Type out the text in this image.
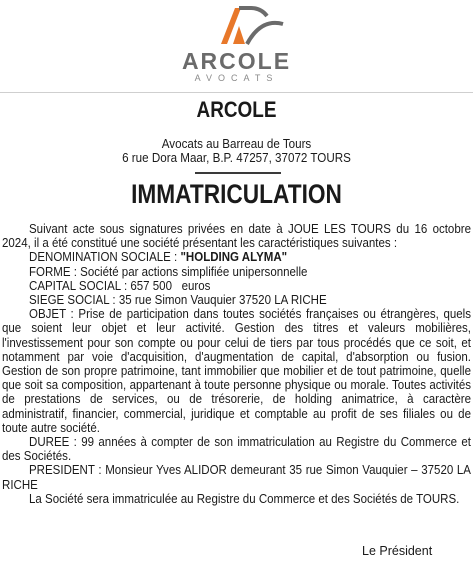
ARCOLE
AVOCATS
ARCOLE
Avocats au Barreau de Tours
6 rue Dora Maar, B.P. 47257, 37072 TOURS
IMMATRICULATION

Suivant acte sous signatures privées en date à JOUE LES TOURS du 16 octobre 2024, il a été constitué une société présentant les caractéristiques suivantes :

DENOMINATION SOCIALE : "HOLDING ALYMA"

FORME : Société par actions simplifiée unipersonnelle

CAPITAL SOCIAL : 657 500   euros

SIEGE SOCIAL : 35 rue Simon Vauquier 37520 LA RICHE

OBJET : Prise de participation dans toutes sociétés françaises ou étrangères, quels que soient leur objet et leur activité. Gestion des titres et valeurs mobilières, l'investissement pour son compte ou pour celui de tiers par tous procédés que ce soit, et notamment par voie d'acquisition, d'augmentation de capital, d'absorption ou fusion. Gestion de son propre patrimoine, tant immobilier que mobilier et de tout patrimoine, quelle que soit sa composition, appartenant à toute personne physique ou morale. Toutes activités de prestations de services, ou de trésorerie, de holding animatrice, à caractère administratif, financier, commercial, juridique et comptable au profit de ses filiales ou de toute autre société.

DUREE : 99 années à compter de son immatriculation au Registre du Commerce et des Sociétés.

PRESIDENT : Monsieur Yves ALIDOR demeurant 35 rue Simon Vauquier – 37520 LA RICHE

La Société sera immatriculée au Registre du Commerce et des Sociétés de TOURS.

Le Président
